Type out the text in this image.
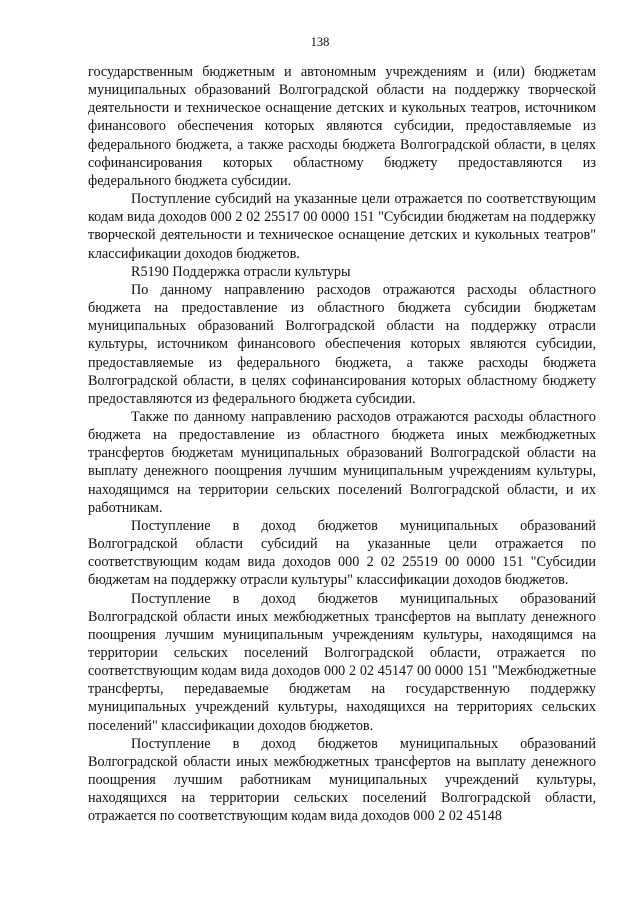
138

государственным бюджетным и автономным учреждениям и (или) бюджетам муниципальных образований Волгоградской области на поддержку творческой деятельности и техническое оснащение детских и кукольных театров, источником финансового обеспечения которых являются субсидии, предоставляемые из федерального бюджета, а также расходы бюджета Волгоградской области, в целях софинансирования которых областному бюджету предоставляются из федерального бюджета субсидии.

Поступление субсидий на указанные цели отражается по соответствующим кодам вида доходов 000 2 02 25517 00 0000 151 "Субсидии бюджетам на поддержку творческой деятельности и техническое оснащение детских и кукольных театров" классификации доходов бюджетов.

R5190 Поддержка отрасли культуры

По данному направлению расходов отражаются расходы областного бюджета на предоставление из областного бюджета субсидии бюджетам муниципальных образований Волгоградской области на поддержку отрасли культуры, источником финансового обеспечения которых являются субсидии, предоставляемые из федерального бюджета, а также расходы бюджета Волгоградской области, в целях софинансирования которых областному бюджету предоставляются из федерального бюджета субсидии.

Также по данному направлению расходов отражаются расходы областного бюджета на предоставление из областного бюджета иных межбюджетных трансфертов бюджетам муниципальных образований Волгоградской области на выплату денежного поощрения лучшим муниципальным учреждениям культуры, находящимся на территории сельских поселений Волгоградской области, и их работникам.

Поступление в доход бюджетов муниципальных образований Волгоградской области субсидий на указанные цели отражается по соответствующим кодам вида доходов 000 2 02 25519 00 0000 151 "Субсидии бюджетам на поддержку отрасли культуры" классификации доходов бюджетов.

Поступление в доход бюджетов муниципальных образований Волгоградской области иных межбюджетных трансфертов на выплату денежного поощрения лучшим муниципальным учреждениям культуры, находящимся на территории сельских поселений Волгоградской области, отражается по соответствующим кодам вида доходов 000 2 02 45147 00 0000 151 "Межбюджетные трансферты, передаваемые бюджетам на государственную поддержку муниципальных учреждений культуры, находящихся на территориях сельских поселений" классификации доходов бюджетов.

Поступление в доход бюджетов муниципальных образований Волгоградской области иных межбюджетных трансфертов на выплату денежного поощрения лучшим работникам муниципальных учреждений культуры, находящихся на территории сельских поселений Волгоградской области, отражается по соответствующим кодам вида доходов 000 2 02 45148
